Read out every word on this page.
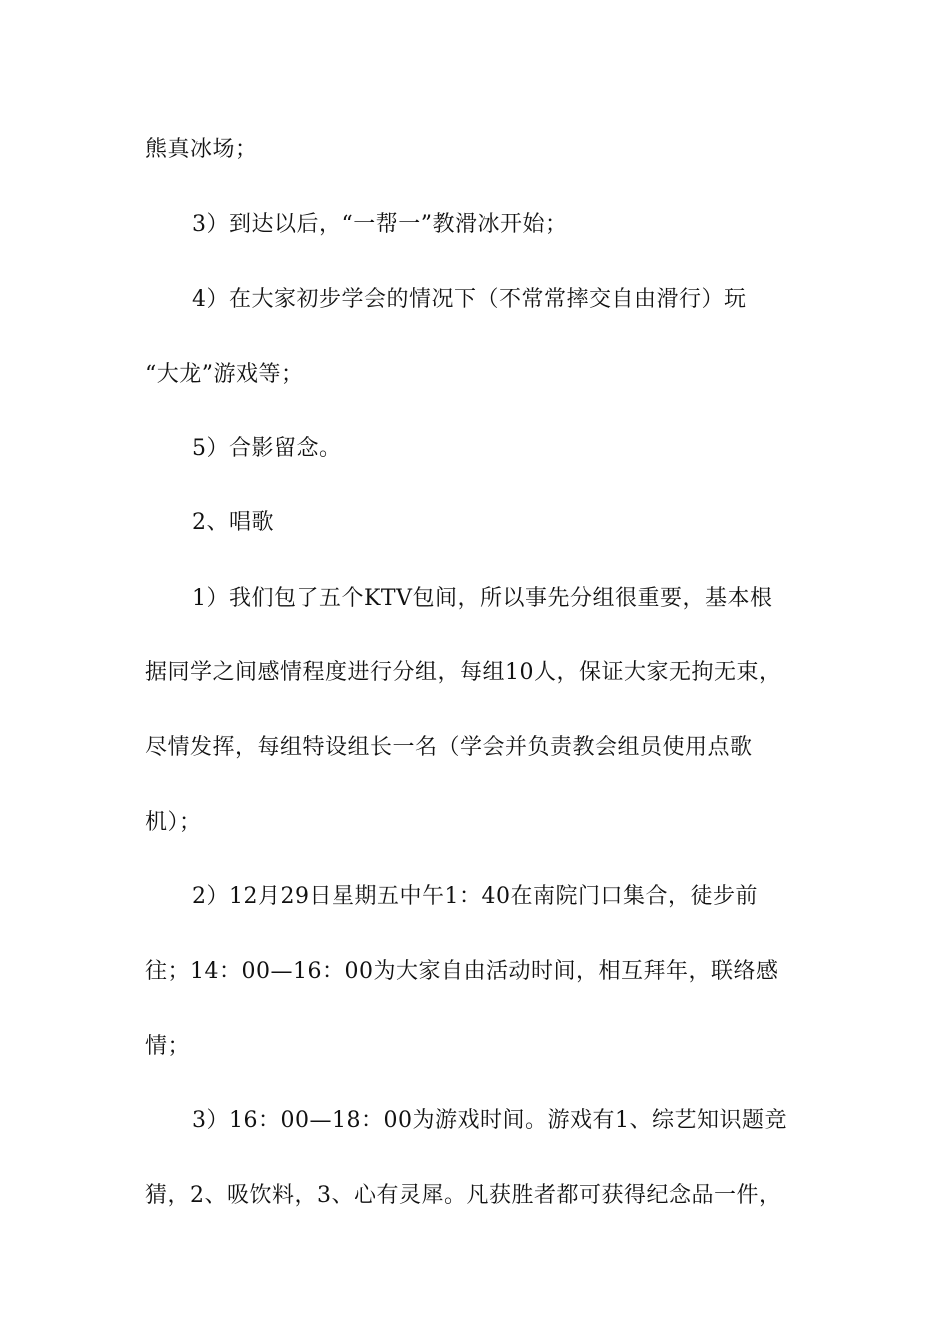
熊真冰场；
3）到达以后，“一帮一”教滑冰开始；
4）在大家初步学会的情况下（不常常摔交自由滑行）玩
“大龙”游戏等；
5）合影留念。
2、唱歌
1）我们包了五个KTV包间，所以事先分组很重要，基本根
据同学之间感情程度进行分组，每组10人，保证大家无拘无束，
尽情发挥，每组特设组长一名（学会并负责教会组员使用点歌
机）；
2）12月29日星期五中午1：40在南院门口集合，徒步前
往；14：00—16：00为大家自由活动时间，相互拜年，联络感
情；
3）16：00—18：00为游戏时间。游戏有1、综艺知识题竞
猜，2、吸饮料，3、心有灵犀。凡获胜者都可获得纪念品一件，
